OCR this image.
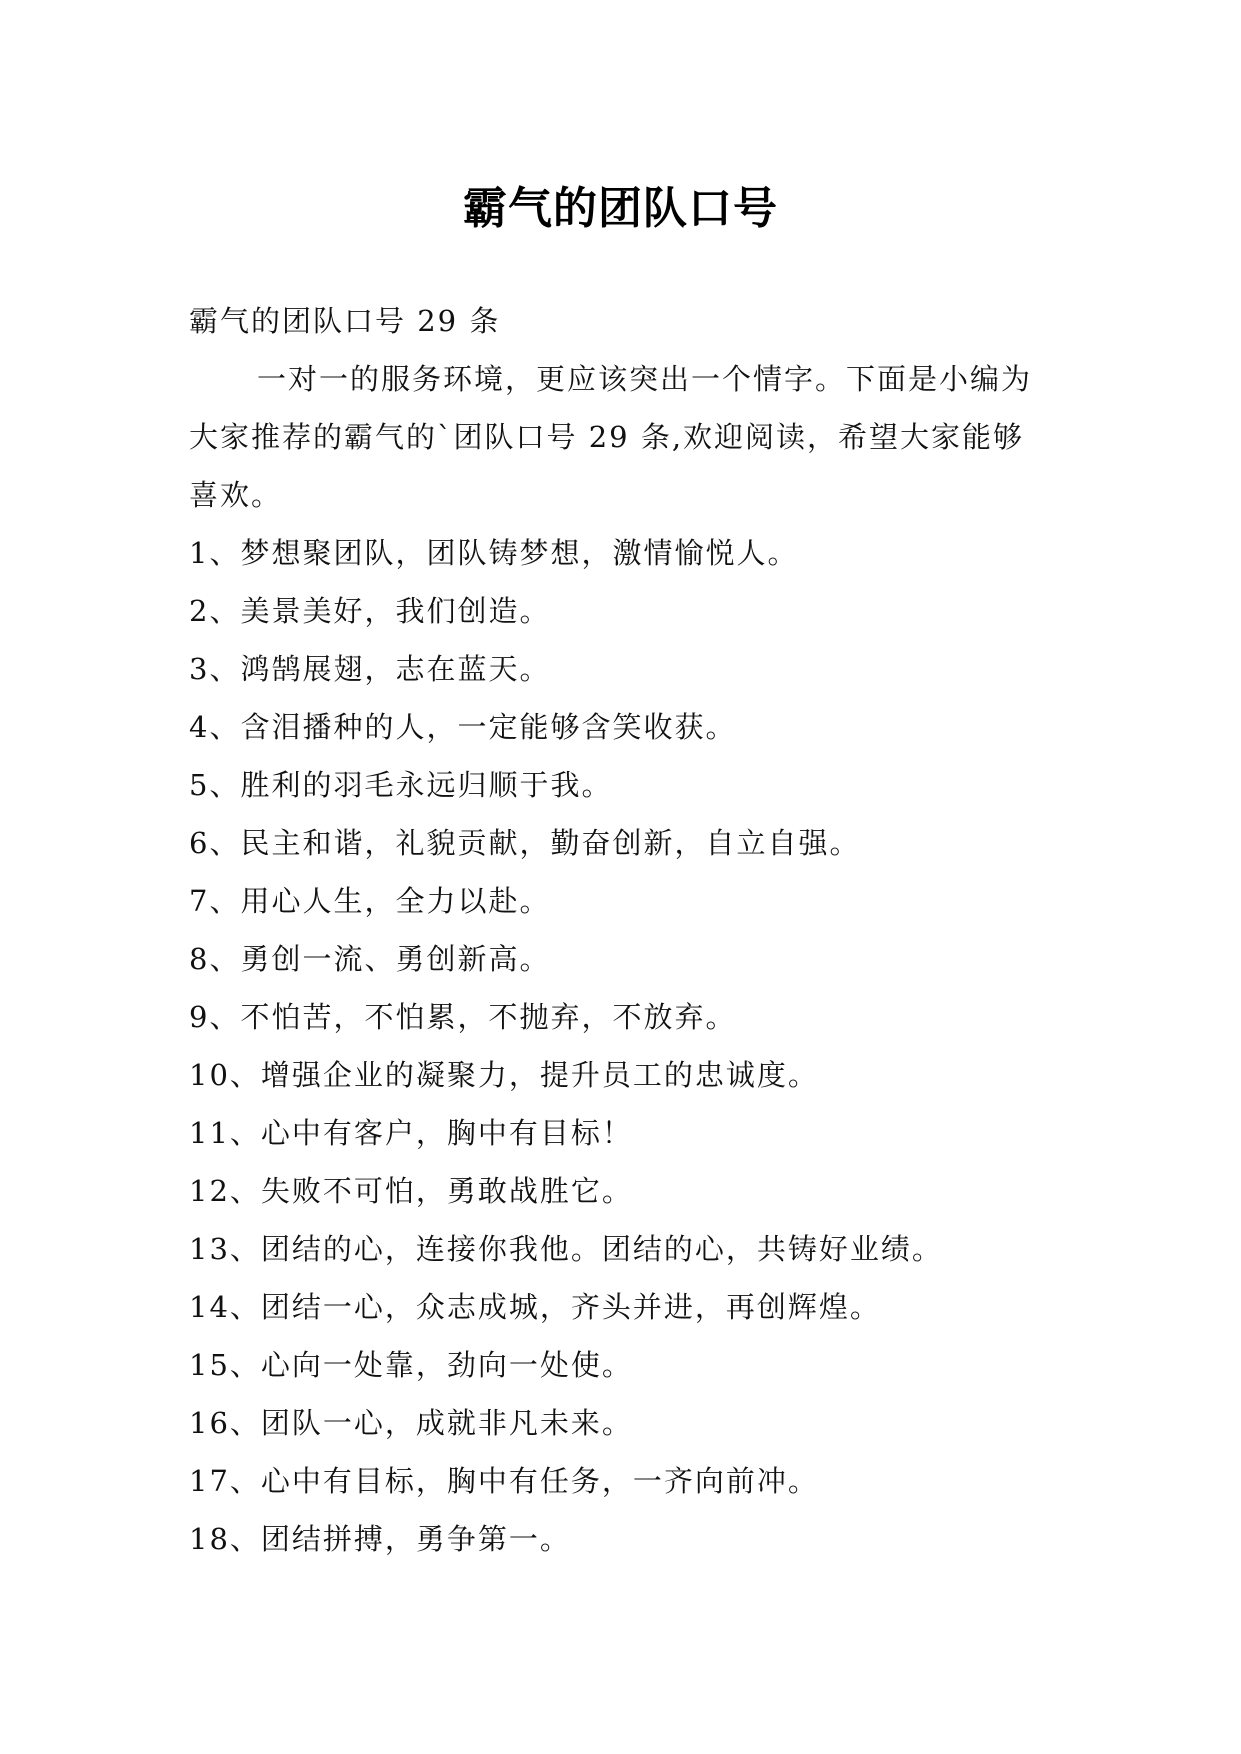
霸气的团队口号

霸气的团队口号 29 条

一对一的服务环境，更应该突出一个情字。下面是小编为大家推荐的霸气的`团队口号 29 条,欢迎阅读，希望大家能够喜欢。

1、梦想聚团队，团队铸梦想，激情愉悦人。
2、美景美好，我们创造。
3、鸿鹄展翅，志在蓝天。
4、含泪播种的人，一定能够含笑收获。
5、胜利的羽毛永远归顺于我。
6、民主和谐，礼貌贡献，勤奋创新，自立自强。
7、用心人生，全力以赴。
8、勇创一流、勇创新高。
9、不怕苦，不怕累，不抛弃，不放弃。
10、增强企业的凝聚力，提升员工的忠诚度。
11、心中有客户，胸中有目标！
12、失败不可怕，勇敢战胜它。
13、团结的心，连接你我他。团结的心，共铸好业绩。
14、团结一心，众志成城，齐头并进，再创辉煌。
15、心向一处靠，劲向一处使。
16、团队一心，成就非凡未来。
17、心中有目标，胸中有任务，一齐向前冲。
18、团结拼搏，勇争第一。
